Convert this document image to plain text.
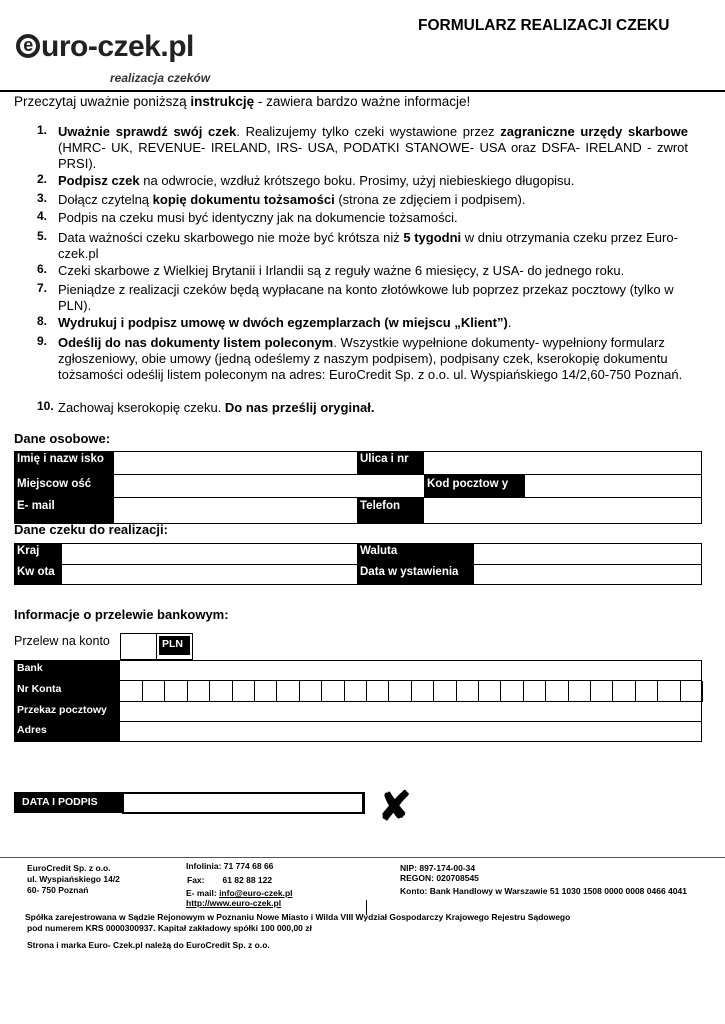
FORMULARZ REALIZACJI CZEKU
e uro-czek.pl
realizacja czeków
Przeczytaj uważnie poniższą instrukcję - zawiera bardzo ważne informacje!
1. Uważnie sprawdź swój czek. Realizujemy tylko czeki wystawione przez zagraniczne urzędy skarbowe (HMRC- UK, REVENUE- IRELAND, IRS- USA, PODATKI STANOWE- USA oraz DSFA- IRELAND - zwrot PRSI).
2. Podpisz czek na odwrocie, wzdłuż krótszego boku. Prosimy, użyj niebieskiego długopisu.
3. Dołącz czytelną kopię dokumentu tożsamości (strona ze zdjęciem i podpisem).
4. Podpis na czeku musi być identyczny jak na dokumencie tożsamości.
5. Data ważności czeku skarbowego nie może być krótsza niż 5 tygodni w dniu otrzymania czeku przez Euro-czek.pl
6. Czeki skarbowe z Wielkiej Brytanii i Irlandii są z reguły ważne 6 miesięcy, z USA- do jednego roku.
7. Pieniądze z realizacji czeków będą wypłacane na konto złotówkowe lub poprzez przekaz pocztowy (tylko w PLN).
8. Wydrukuj i podpisz umowę w dwóch egzemplarzach (w miejscu „Klient”).
9. Odeślij do nas dokumenty listem poleconym. Wszystkie wypełnione dokumenty- wypełniony formularz zgłoszeniowy, obie umowy (jedną odeślemy z naszym podpisem), podpisany czek, kserokopię dokumentu tożsamości odeślij listem poleconym na adres: EuroCredit Sp. z o.o. ul. Wyspiańskiego 14/2,60-750 Poznań.
10. Zachowaj kserokopię czeku. Do nas prześlij oryginał.
Dane osobowe:
Imię i nazw isko	Ulica i nr
Miejscow ość	Kod pocztow y
E- mail	Telefon
Dane czeku do realizacji:
Kraj	Waluta
Kw ota	Data w ystawienia
Informacje o przelewie bankowym:
Przelew na konto	PLN
Bank
Nr Konta
Przekaz pocztowy
Adres
DATA I PODPIS	✘
EuroCredit Sp. z o.o.
ul. Wyspiańskiego 14/2
60- 750 Poznań
Infolinia: 71 774 68 66
Fax: 61 82 88 122
E- mail: info@euro-czek.pl
http://www.euro-czek.pl
NIP: 897-174-00-34
REGON: 020708545
Konto: Bank Handlowy w Warszawie 51 1030 1508 0000 0008 0466 4041
Spółka zarejestrowana w Sądzie Rejonowym w Poznaniu Nowe Miasto i Wilda VIII Wydział Gospodarczy Krajowego Rejestru Sądowego
pod numerem KRS 0000300937. Kapitał zakładowy spółki 100 000,00 zł
Strona i marka Euro- Czek.pl należą do EuroCredit Sp. z o.o.
